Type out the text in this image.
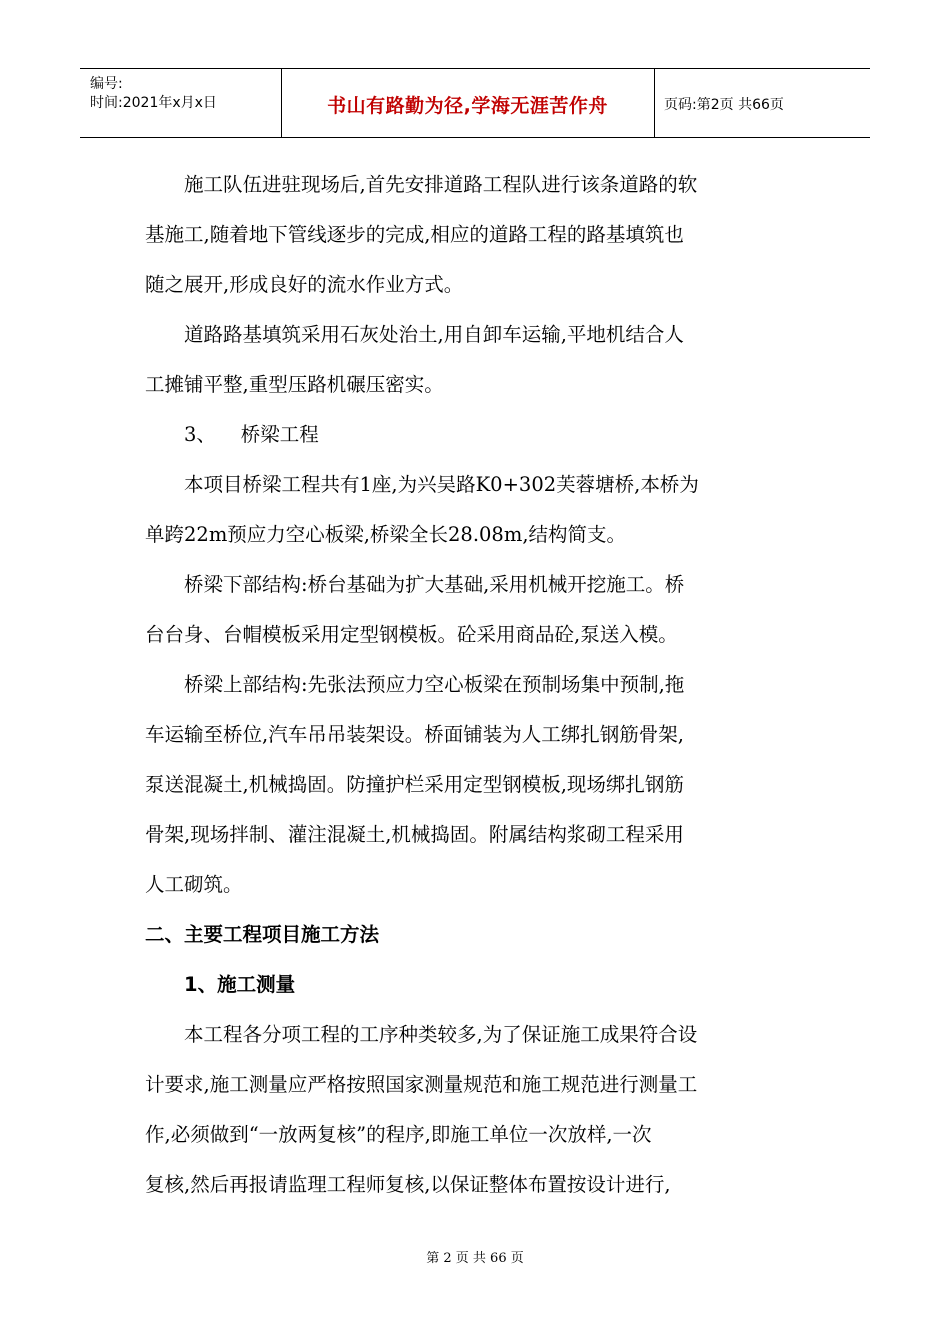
编号:
时间:2021年x月x日	书山有路勤为径,学海无涯苦作舟	页码:第2页 共66页
施工队伍进驻现场后,首先安排道路工程队进行该条道路的软
基施工,随着地下管线逐步的完成,相应的道路工程的路基填筑也
随之展开,形成良好的流水作业方式。
道路路基填筑采用石灰处治土,用自卸车运输,平地机结合人
工摊铺平整,重型压路机碾压密实。
3、    桥梁工程
本项目桥梁工程共有1座,为兴吴路K0+302芙蓉塘桥,本桥为
单跨22m预应力空心板梁,桥梁全长28.08m,结构简支。
桥梁下部结构:桥台基础为扩大基础,采用机械开挖施工。桥
台台身、台帽模板采用定型钢模板。砼采用商品砼,泵送入模。
桥梁上部结构:先张法预应力空心板梁在预制场集中预制,拖
车运输至桥位,汽车吊吊装架设。桥面铺装为人工绑扎钢筋骨架,
泵送混凝土,机械捣固。防撞护栏采用定型钢模板,现场绑扎钢筋
骨架,现场拌制、灌注混凝土,机械捣固。附属结构浆砌工程采用
人工砌筑。
二、主要工程项目施工方法
1、施工测量
本工程各分项工程的工序种类较多,为了保证施工成果符合设
计要求,施工测量应严格按照国家测量规范和施工规范进行测量工
作,必须做到“一放两复核”的程序,即施工单位一次放样,一次
复核,然后再报请监理工程师复核,以保证整体布置按设计进行,
第 2 页 共 66 页
